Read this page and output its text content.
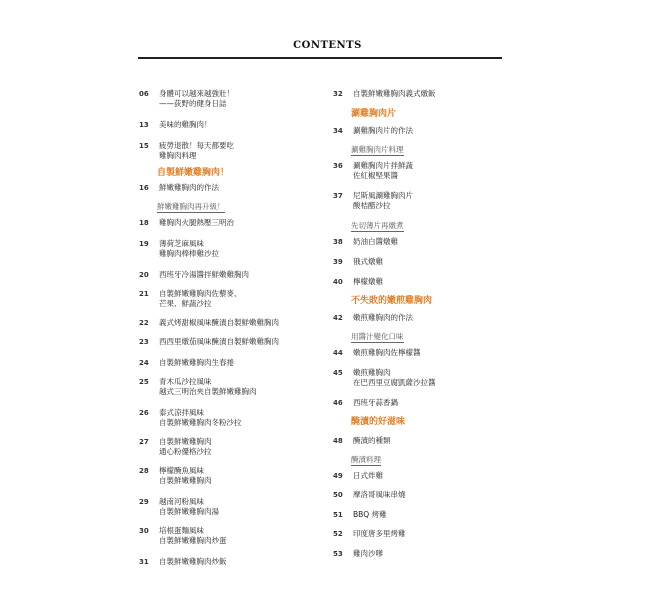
CONTENTS
06 身體可以越來越強壯！
——荻野的健身日誌
13 美味的雞胸肉！
15 疲勞退散！每天都要吃
雞胸肉料理
自製鮮嫩雞胸肉！
16 鮮嫩雞胸肉的作法
鮮嫩雞胸肉再升級！
18 雞胸肉火腿熱壓三明治
19 薄荷芝麻風味
雞胸肉棒棒雞沙拉
20 西班牙冷湯醬拌鮮嫩雞胸肉
21 自製鮮嫩雞胸肉佐藜麥、
芒果、鮮蔬沙拉
22 義式烤甜椒風味醃漬自製鮮嫩雞胸肉
23 西西里燉茄風味醃漬自製鮮嫩雞胸肉
24 自製鮮嫩雞胸肉生春捲
25 青木瓜沙拉風味
越式三明治夾自製鮮嫩雞胸肉
26 泰式涼拌風味
自製鮮嫩雞胸肉冬粉沙拉
27 自製鮮嫩雞胸肉
通心粉優格沙拉
28 檸檬醃魚風味
自製鮮嫩雞胸肉
29 越南河粉風味
自製鮮嫩雞胸肉湯
30 培根蛋麵風味
自製鮮嫩雞胸肉炒蛋
31 自製鮮嫩雞胸肉炒飯
32 自製鮮嫩雞胸肉義式燉飯
涮雞胸肉片
34 涮雞胸肉片的作法
涮雞胸肉片料理
36 涮雞胸肉片拌鮮蔬
佐紅椒堅果醬
37 尼斯風涮雞胸肉片
酸桔醋沙拉
先切薄片再燉煮
38 奶油白醬燉雞
39 俄式燉雞
40 檸檬燉雞
不失敗的嫩煎雞胸肉
42 嫩煎雞胸肉的作法
用醬汁變化口味
44 嫩煎雞胸肉佐檸檬醬
45 嫩煎雞胸肉
在巴西里豆腐凱薩沙拉醬
46 西班牙蒜香鍋
醃漬的好滋味
48 醃漬的種類
醃漬料理
49 日式炸雞
50 摩洛哥風味串燒
51 BBQ 烤雞
52 印度唐多里烤雞
53 雞肉沙嗲
